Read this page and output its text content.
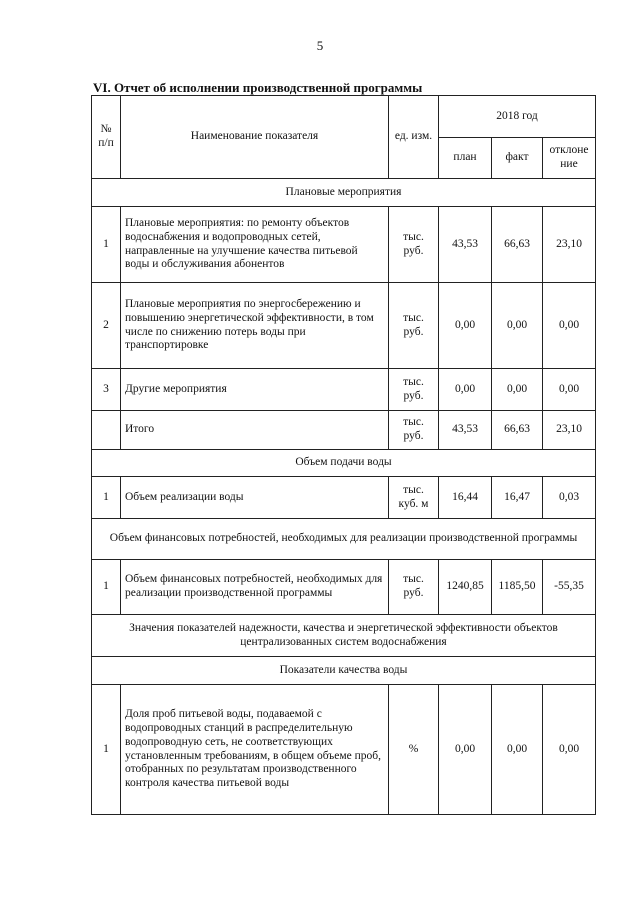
5
VI. Отчет об исполнении производственной программы
№ п/п	Наименование показателя	ед. изм.	2018 год		
			план	факт	отклоне ние
Плановые мероприятия					
1	Плановые мероприятия: по ремонту объектов водоснабжения и водопроводных сетей, направленные на улучшение качества питьевой воды и обслуживания абонентов	тыс. руб.	43,53	66,63	23,10
2	Плановые мероприятия по энергосбережению и повышению энергетической эффективности, в том числе по снижению потерь воды при транспортировке	тыс. руб.	0,00	0,00	0,00
3	Другие мероприятия	тыс. руб.	0,00	0,00	0,00
	Итого	тыс. руб.	43,53	66,63	23,10
Объем подачи воды					
1	Объем реализации воды	тыс. куб. м	16,44	16,47	0,03
Объем финансовых потребностей, необходимых для реализации производственной программы					
1	Объем финансовых потребностей, необходимых для реализации производственной программы	тыс. руб.	1240,85	1185,50	-55,35
Значения показателей надежности, качества и энергетической эффективности объектов централизованных систем водоснабжения					
Показатели качества воды					
1	Доля проб питьевой воды, подаваемой с водопроводных станций в распределительную водопроводную сеть, не соответствующих установленным требованиям, в общем объеме проб, отобранных по результатам производственного контроля качества питьевой воды	%	0,00	0,00	0,00
